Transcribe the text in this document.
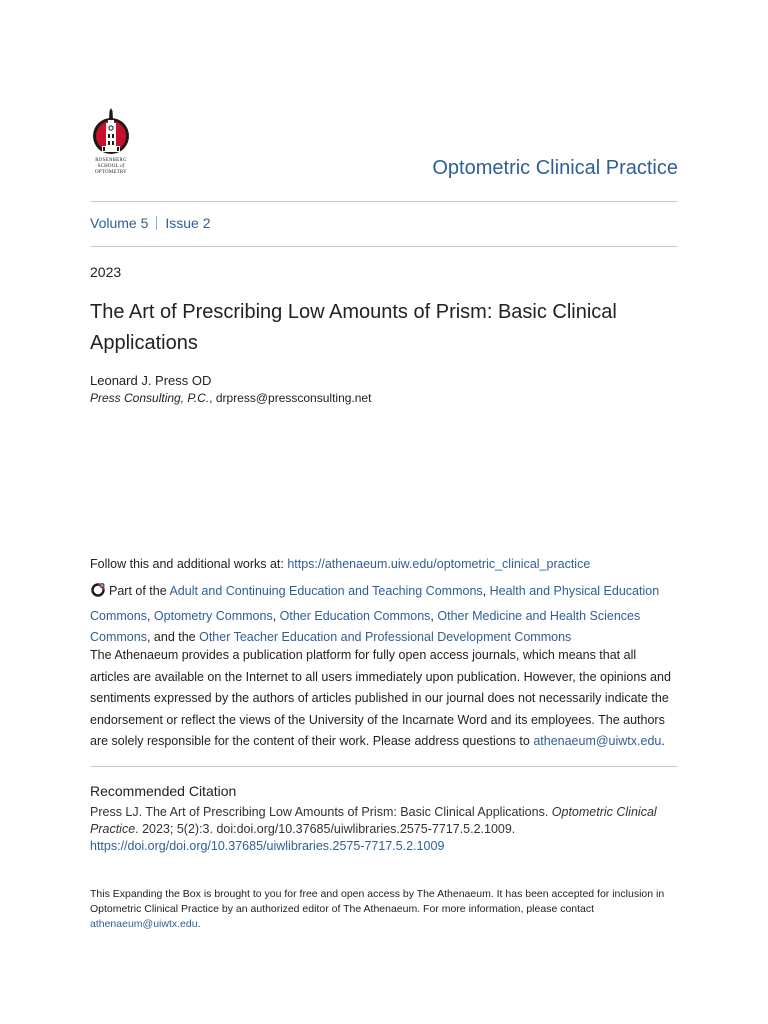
ROSENBERG
SCHOOL of
OPTOMETRY	Optometric Clinical Practice
Volume 5 Issue 2
2023
The Art of Prescribing Low Amounts of Prism: Basic Clinical Applications
Leonard J. Press OD
Press Consulting, P.C., drpress@pressconsulting.net
Follow this and additional works at: https://athenaeum.uiw.edu/optometric_clinical_practice
Part of the Adult and Continuing Education and Teaching Commons, Health and Physical Education Commons, Optometry Commons, Other Education Commons, Other Medicine and Health Sciences Commons, and the Other Teacher Education and Professional Development Commons
The Athenaeum provides a publication platform for fully open access journals, which means that all articles are available on the Internet to all users immediately upon publication. However, the opinions and sentiments expressed by the authors of articles published in our journal does not necessarily indicate the endorsement or reflect the views of the University of the Incarnate Word and its employees. The authors are solely responsible for the content of their work. Please address questions to athenaeum@uiwtx.edu.
Recommended Citation
Press LJ. The Art of Prescribing Low Amounts of Prism: Basic Clinical Applications. Optometric Clinical Practice. 2023; 5(2):3. doi:doi.org/10.37685/uiwlibraries.2575-7717.5.2.1009. https://doi.org/doi.org/10.37685/uiwlibraries.2575-7717.5.2.1009
This Expanding the Box is brought to you for free and open access by The Athenaeum. It has been accepted for inclusion in Optometric Clinical Practice by an authorized editor of The Athenaeum. For more information, please contact athenaeum@uiwtx.edu.
